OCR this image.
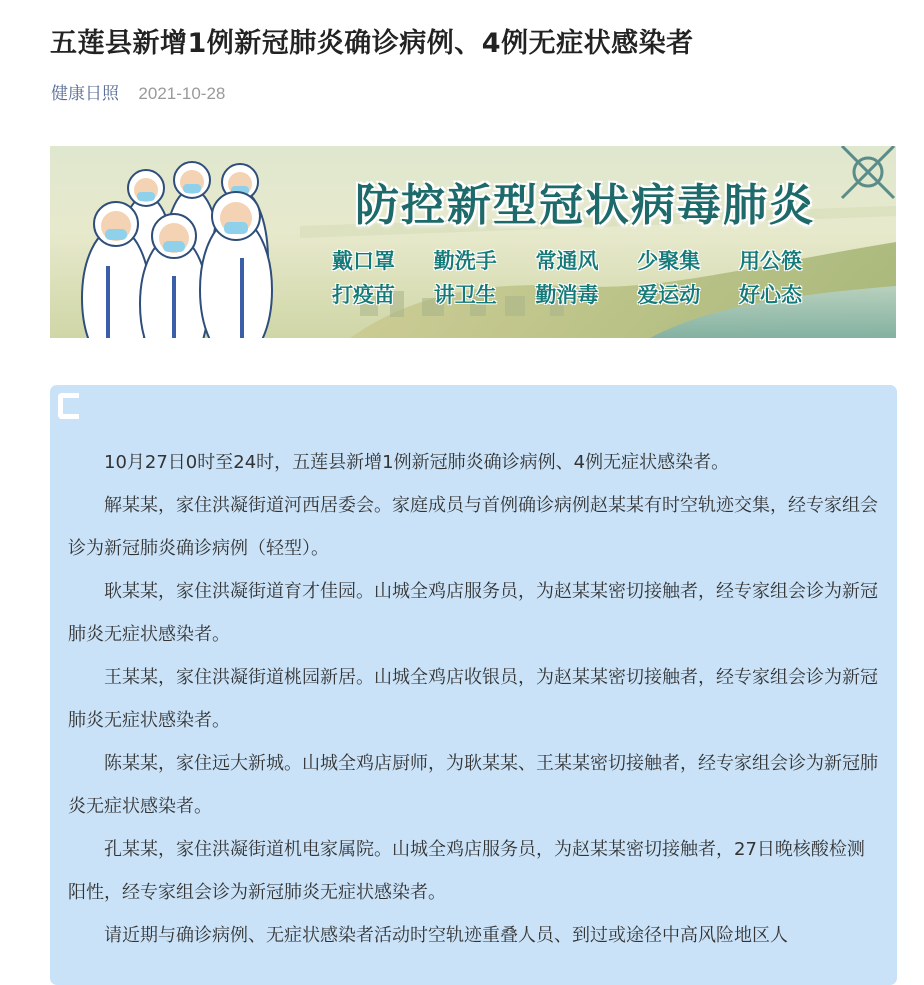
五莲县新增1例新冠肺炎确诊病例、4例无症状感染者
健康日照 2021-10-28
防控新型冠状病毒肺炎
戴口罩 勤洗手 常通风 少聚集 用公筷
打疫苗 讲卫生 勤消毒 爱运动 好心态

10月27日0时至24时，五莲县新增1例新冠肺炎确诊病例、4例无症状感染者。

解某某，家住洪凝街道河西居委会。家庭成员与首例确诊病例赵某某有时空轨迹交集，经专家组会诊为新冠肺炎确诊病例（轻型）。

耿某某，家住洪凝街道育才佳园。山城全鸡店服务员，为赵某某密切接触者，经专家组会诊为新冠肺炎无症状感染者。

王某某，家住洪凝街道桃园新居。山城全鸡店收银员，为赵某某密切接触者，经专家组会诊为新冠肺炎无症状感染者。

陈某某，家住远大新城。山城全鸡店厨师，为耿某某、王某某密切接触者，经专家组会诊为新冠肺炎无症状感染者。

孔某某，家住洪凝街道机电家属院。山城全鸡店服务员，为赵某某密切接触者，27日晚核酸检测阳性，经专家组会诊为新冠肺炎无症状感染者。

请近期与确诊病例、无症状感染者活动时空轨迹重叠人员、到过或途径中高风险地区人
